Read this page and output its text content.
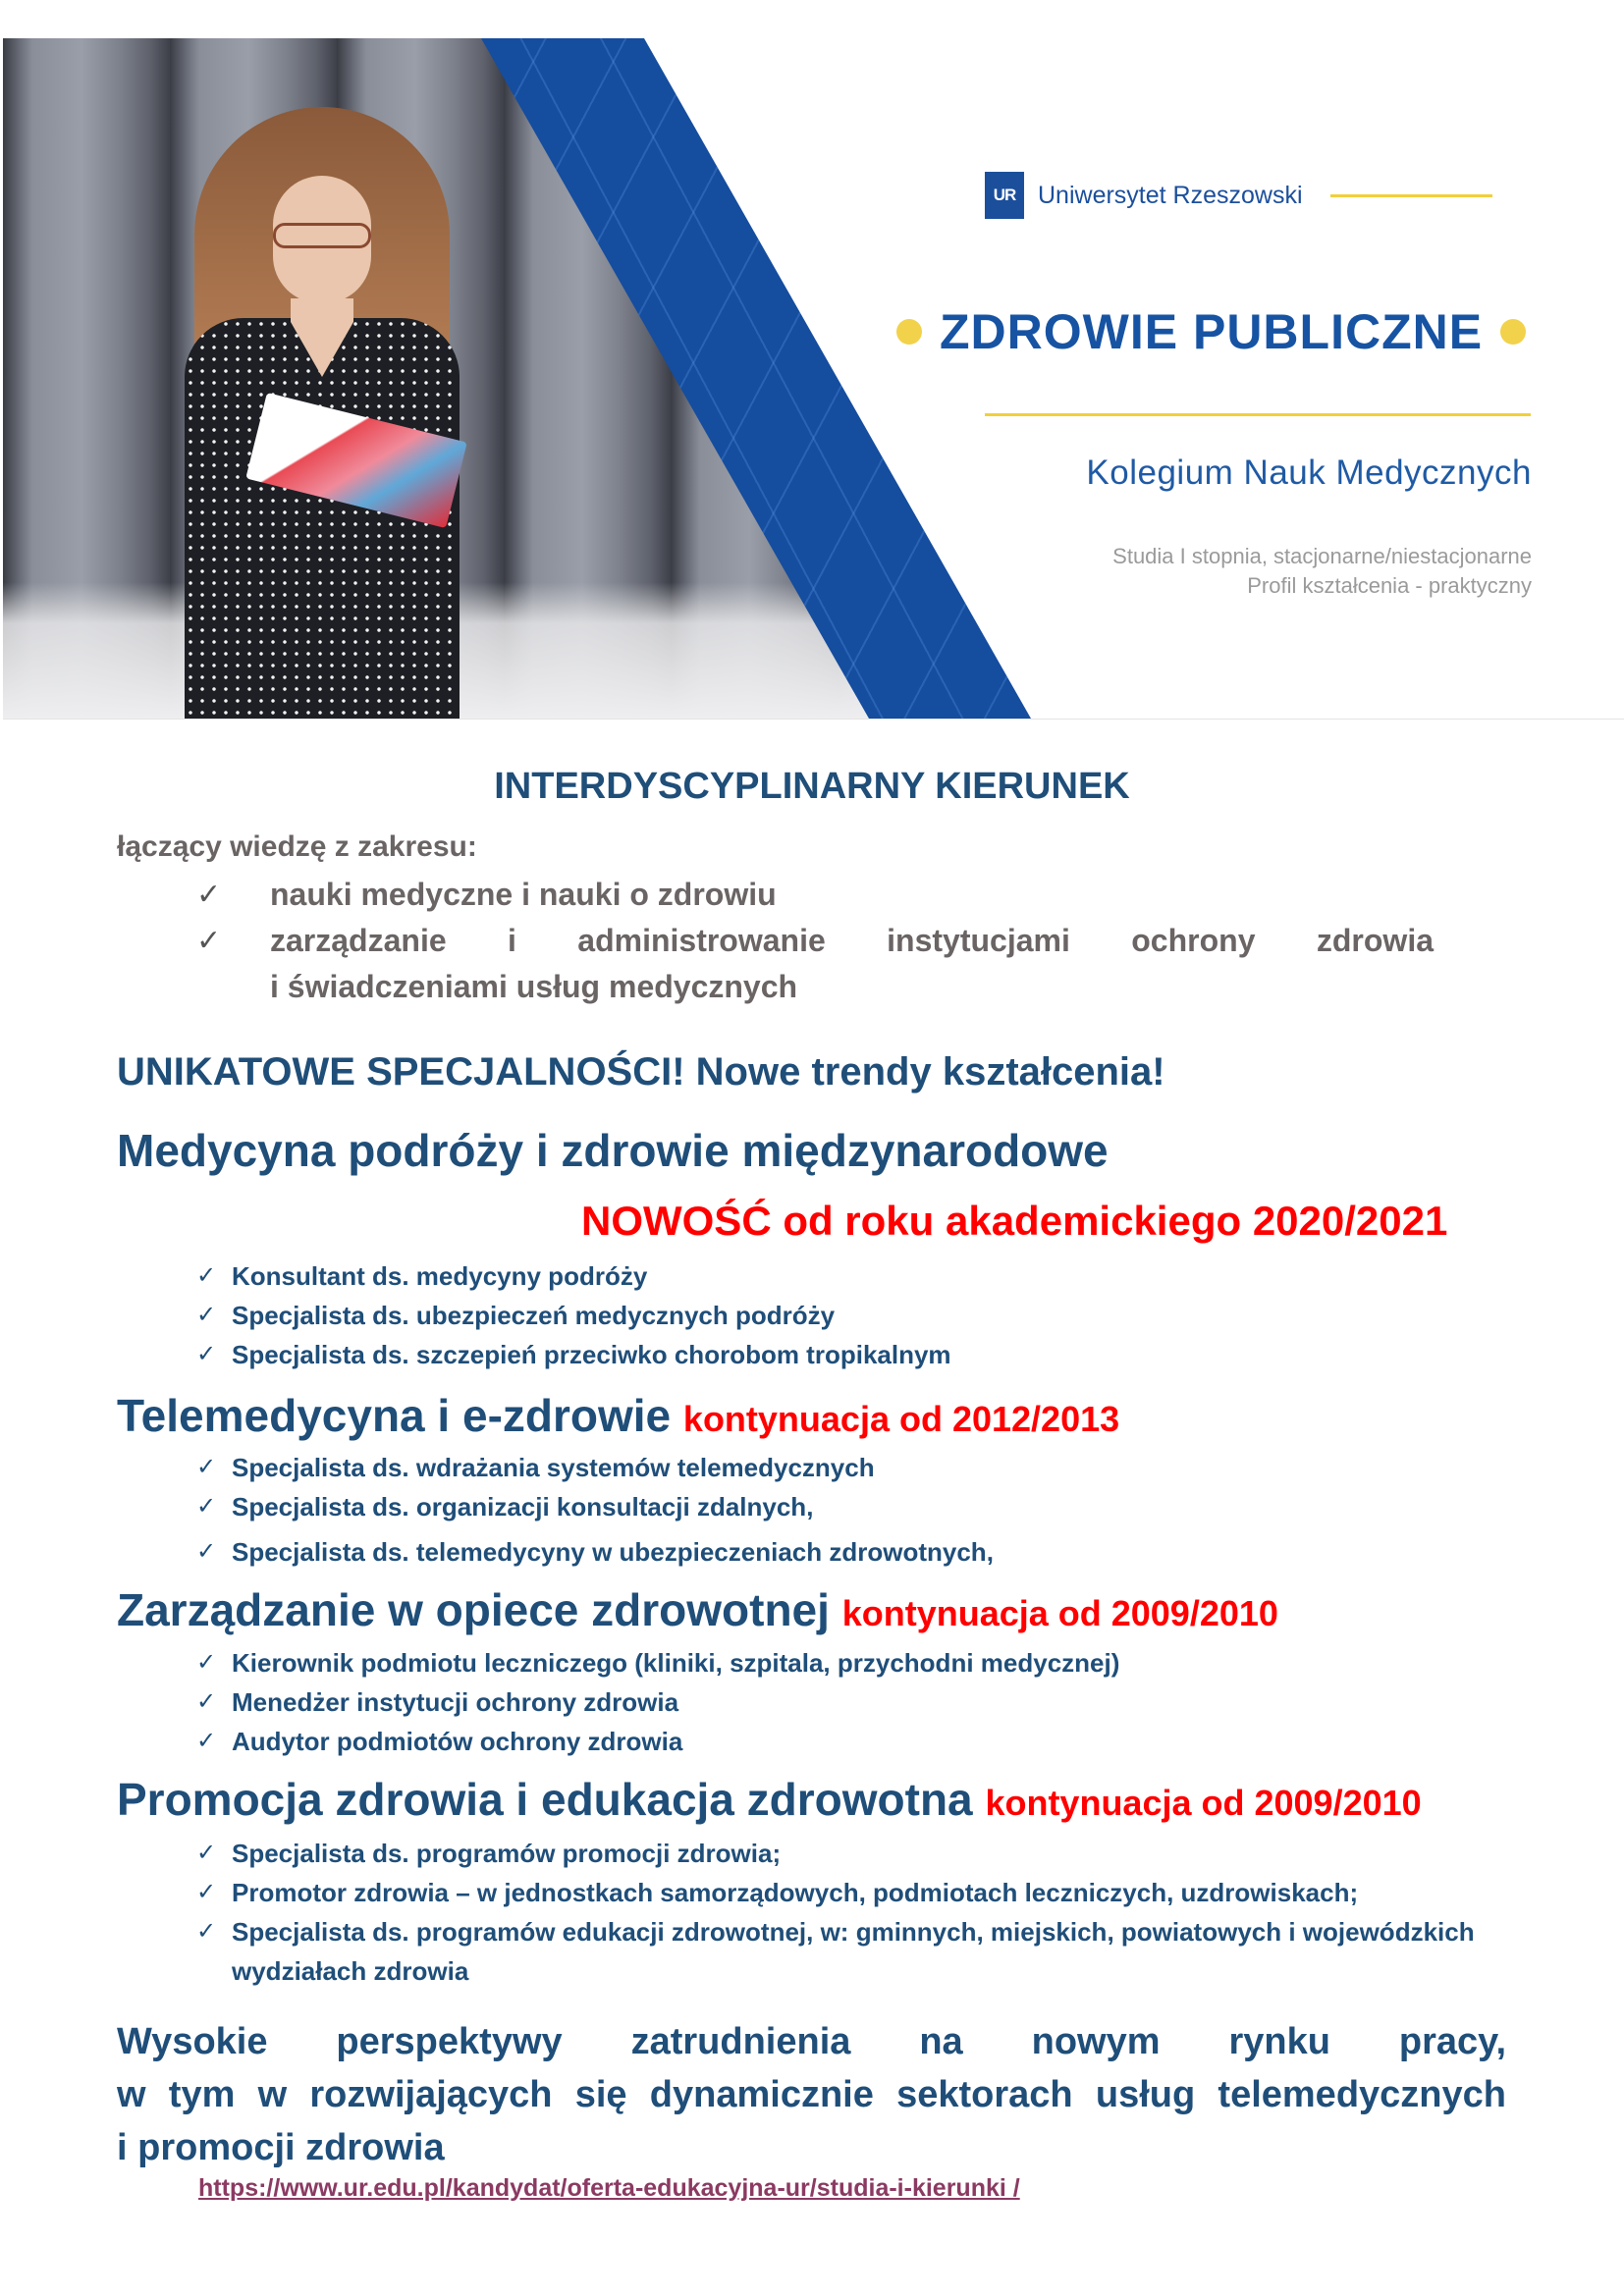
UR Uniwersytet Rzeszowski
ZDROWIE PUBLICZNE
Kolegium Nauk Medycznych
Studia I stopnia, stacjonarne/niestacjonarne
Profil kształcenia - praktyczny
INTERDYSCYPLINARNY KIERUNEK
łączący wiedzę z zakresu:
✓ nauki medyczne i nauki o zdrowiu
✓ zarządzanie i administrowanie instytucjami ochrony zdrowia
i świadczeniami usług medycznych
UNIKATOWE SPECJALNOŚCI! Nowe trendy kształcenia!
Medycyna podróży i zdrowie międzynarodowe
NOWOŚĆ od roku akademickiego 2020/2021
✓ Konsultant ds. medycyny podróży
✓ Specjalista ds. ubezpieczeń medycznych podróży
✓ Specjalista ds. szczepień przeciwko chorobom tropikalnym
Telemedycyna i e-zdrowie kontynuacja od 2012/2013
✓ Specjalista ds. wdrażania systemów telemedycznych
✓ Specjalista ds. organizacji konsultacji zdalnych,
✓ Specjalista ds. telemedycyny w ubezpieczeniach zdrowotnych,
Zarządzanie w opiece zdrowotnej kontynuacja od 2009/2010
✓ Kierownik podmiotu leczniczego (kliniki, szpitala, przychodni medycznej)
✓ Menedżer instytucji ochrony zdrowia
✓ Audytor podmiotów ochrony zdrowia
Promocja zdrowia i edukacja zdrowotna kontynuacja od 2009/2010
✓ Specjalista ds. programów promocji zdrowia;
✓ Promotor zdrowia – w jednostkach samorządowych, podmiotach leczniczych, uzdrowiskach;
✓ Specjalista ds. programów edukacji zdrowotnej, w: gminnych, miejskich, powiatowych i wojewódzkich
wydziałach zdrowia
Wysokie perspektywy zatrudnienia na nowym rynku pracy,
w tym w rozwijających się dynamicznie sektorach usług telemedycznych
i promocji zdrowia
https://www.ur.edu.pl/kandydat/oferta-edukacyjna-ur/studia-i-kierunki /
